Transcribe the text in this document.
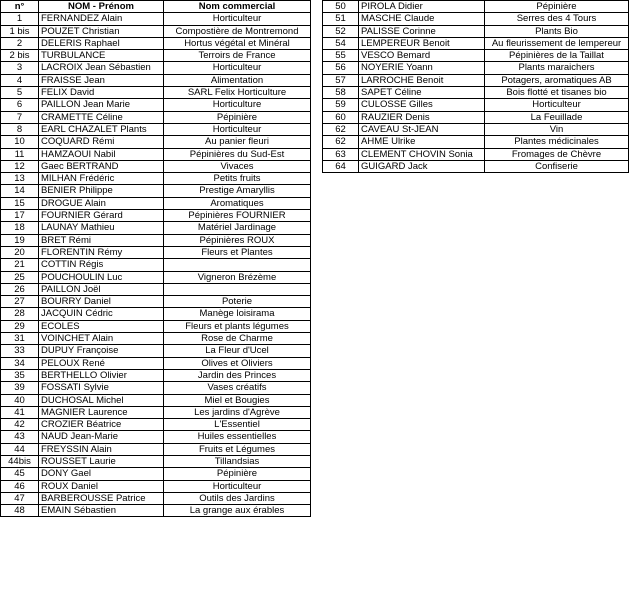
n°	NOM - Prénom	Nom commercial
1	FERNANDEZ Alain	Horticulteur
1 bis	POUZET Christian	Compostière de Montremond
2	DELERIS Raphael	Hortus végétal et Minéral
2 bis	TURBULANCE	Terroirs de France
3	LACROIX Jean Sébastien	Horticulteur
4	FRAISSE Jean	Alimentation
5	FELIX David	SARL Felix Horticulture
6	PAILLON Jean Marie	Horticulture
7	CRAMETTE Céline	Pépinière
8	EARL CHAZALET Plants	Horticulteur
10	COQUARD Rémi	Au panier fleuri
11	HAMZAOUI Nabil	Pépinières du Sud-Est
12	Gaec BERTRAND	Vivaces
13	MILHAN Frédéric	Petits fruits
14	BENIER Philippe	Prestige Amaryllis
15	DROGUE Alain	Aromatiques
17	FOURNIER Gérard	Pépinières FOURNIER
18	LAUNAY Mathieu	Matériel Jardinage
19	BRET Rémi	Pépinières ROUX
20	FLORENTIN Rémy	Fleurs et Plantes
21	COTTIN Régis	
25	POUCHOULIN Luc	Vigneron Brézème
26	PAILLON Joël	
27	BOURRY Daniel	Poterie
28	JACQUIN Cédric	Manège loisirama
29	ECOLES	Fleurs et plants légumes
31	VOINCHET Alain	Rose de Charme
33	DUPUY Françoise	La Fleur d'Ucel
34	PELOUX René	Olives et Oliviers
35	BERTHELLO Olivier	Jardin des Princes
39	FOSSATI Sylvie	Vases créatifs
40	DUCHOSAL Michel	Miel et Bougies
41	MAGNIER Laurence	Les jardins d'Agrève
42	CROZIER Béatrice	L'Essentiel
43	NAUD Jean-Marie	Huiles essentielles
44	FREYSSIN Alain	Fruits et Légumes
44bis	ROUSSET Laurie	Tillandsias
45	DONY Gael	Pépinière
46	ROUX Daniel	Horticulteur
47	BARBEROUSSE Patrice	Outils des Jardins
48	EMAIN Sébastien	La grange aux érables
50	PIROLA Didier	Pépinière
51	MASCHE Claude	Serres des 4 Tours
52	PALISSE Corinne	Plants Bio
54	LEMPEREUR Benoit	Au fleurissement de lempereur
55	VESCO Bemard	Pépinières de la Taillat
56	NOYERIE Yoann	Plants maraichers
57	LARROCHE Benoit	Potagers, aromatiques AB
58	SAPET Céline	Bois flotté et tisanes bio
59	CULOSSE Gilles	Horticulteur
60	RAUZIER Denis	La Feuillade
62	CAVEAU St-JEAN	Vin
62	AHME Ulrike	Plantes médicinales
63	CLEMENT CHOVIN Sonia	Fromages de Chèvre
64	GUIGARD Jack	Confiserie
